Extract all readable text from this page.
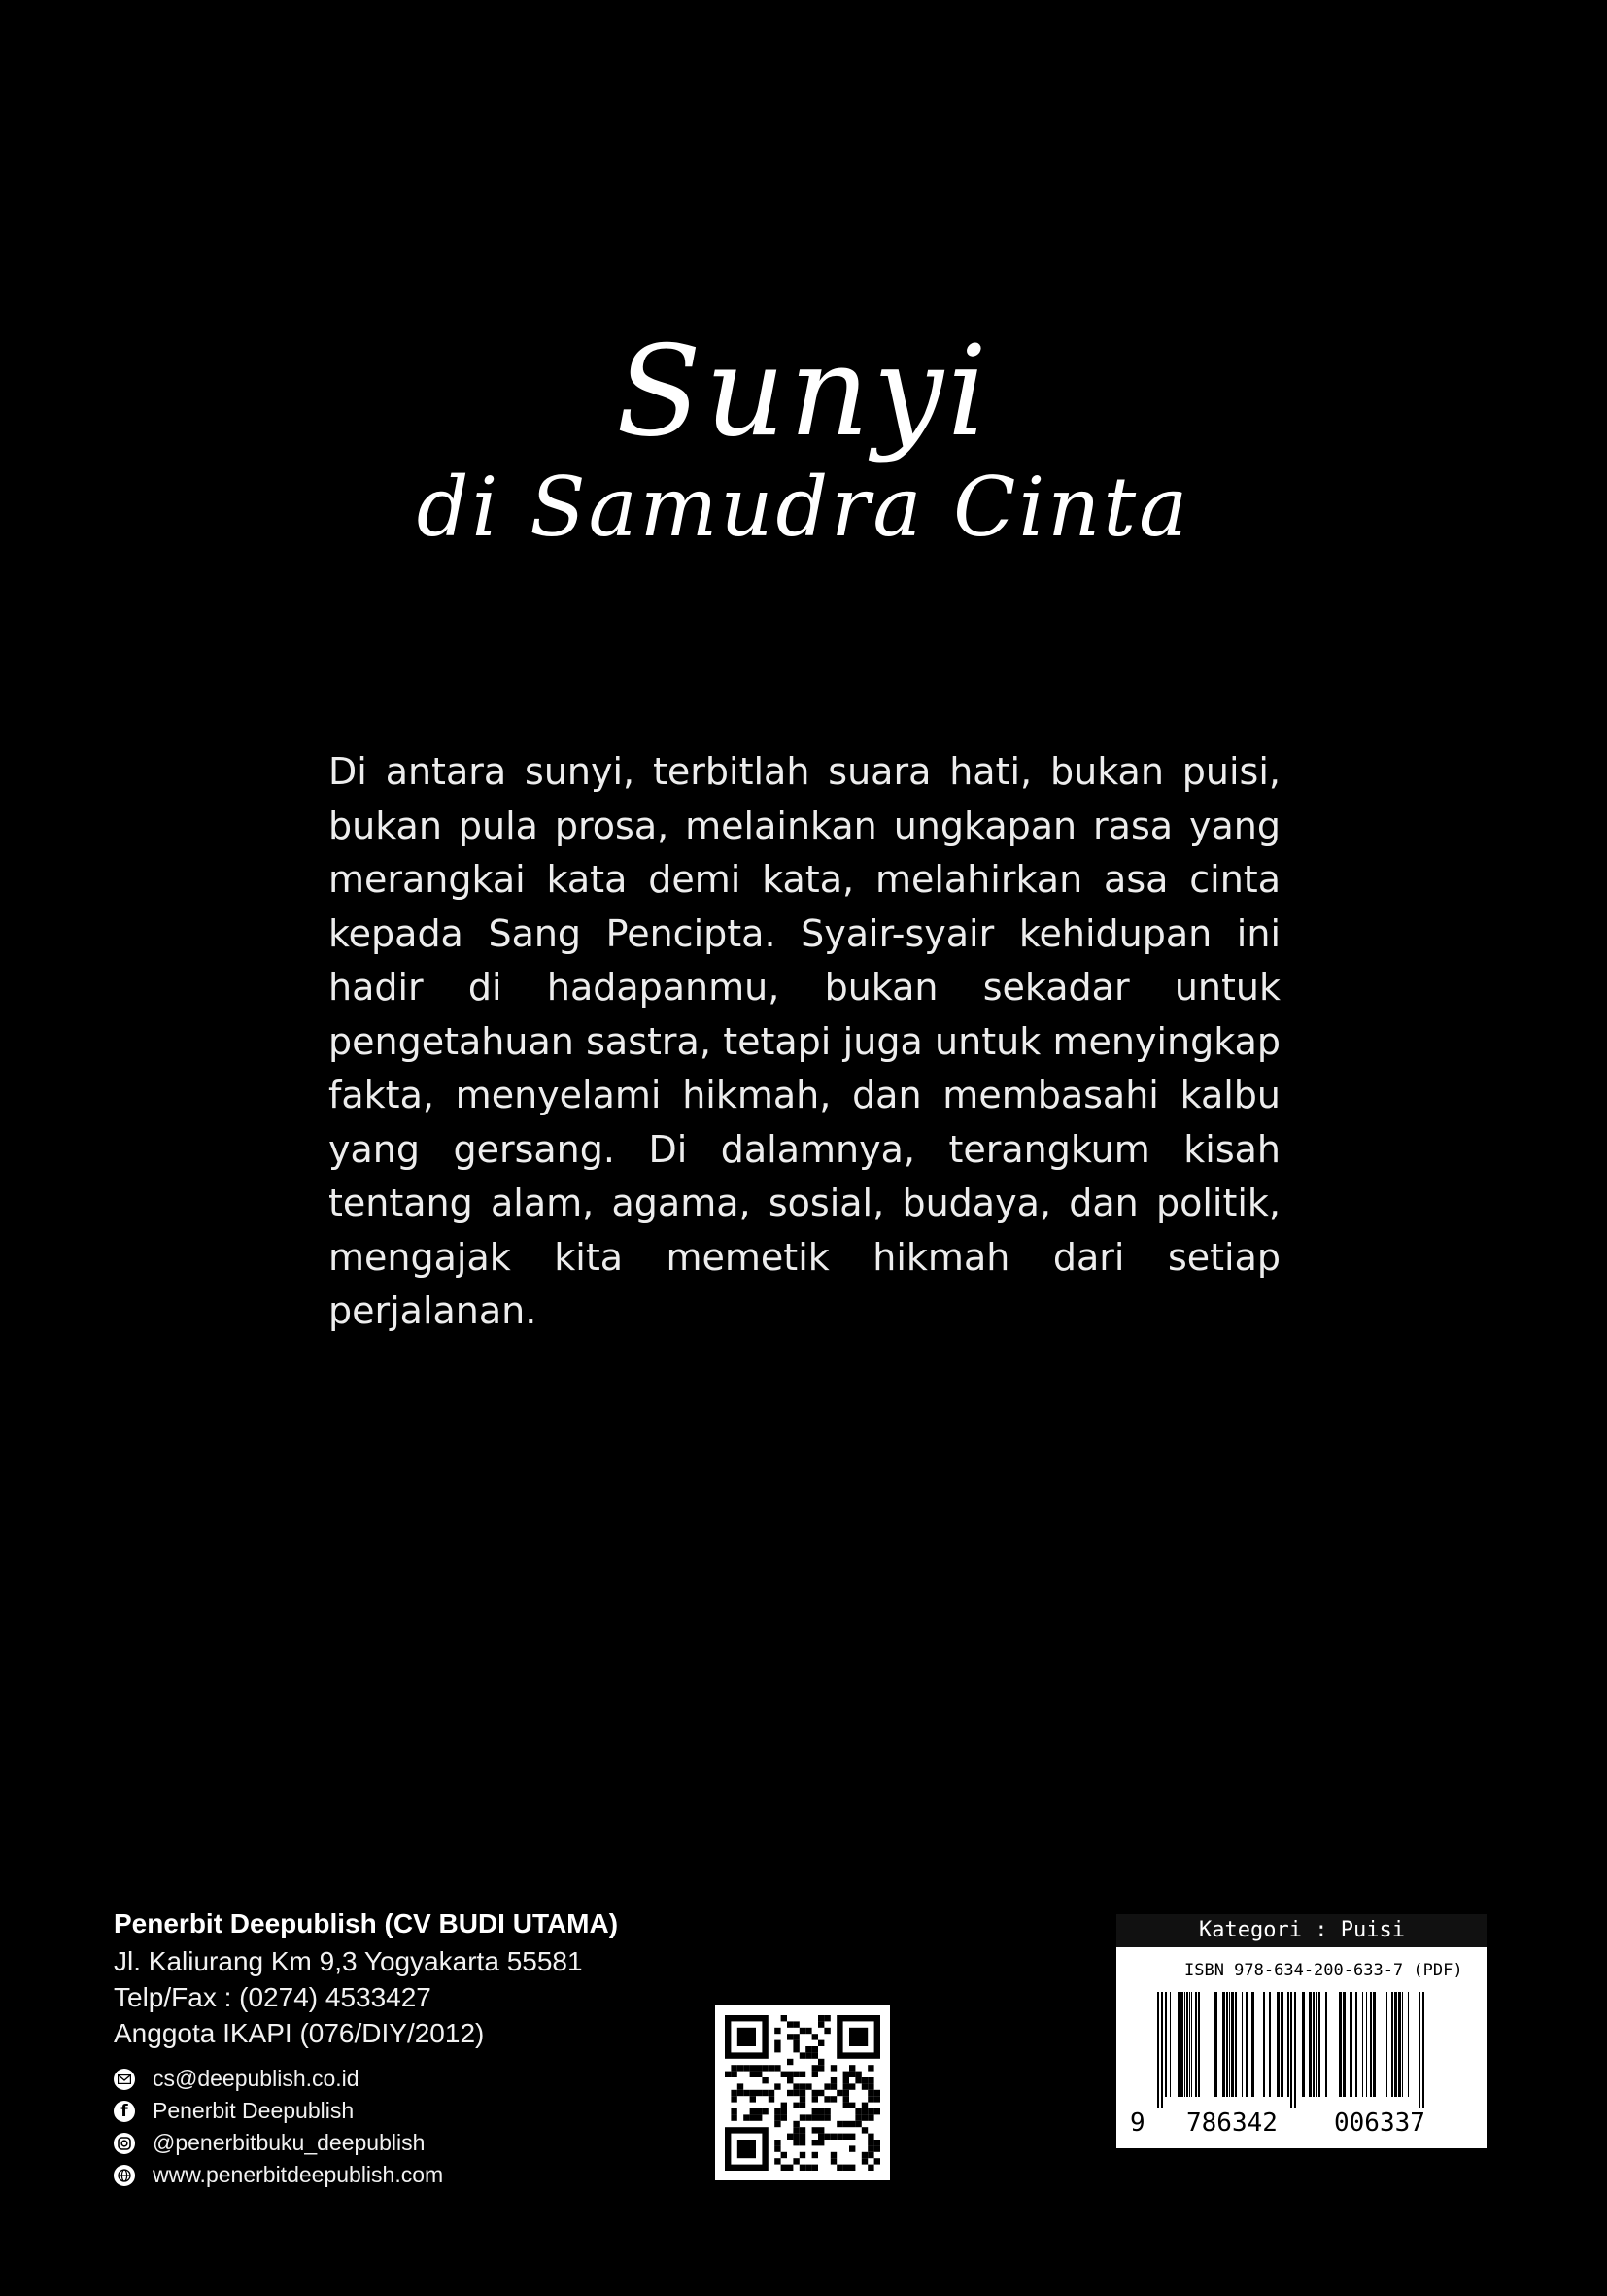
Sunyi
di Samudra Cinta
Di antara sunyi, terbitlah suara hati, bukan puisi,
bukan pula prosa, melainkan ungkapan rasa yang
merangkai kata demi kata, melahirkan asa cinta
kepada Sang Pencipta. Syair-syair kehidupan ini
hadir di hadapanmu, bukan sekadar untuk
pengetahuan sastra, tetapi juga untuk menyingkap
fakta, menyelami hikmah, dan membasahi kalbu
yang gersang. Di dalamnya, terangkum kisah
tentang alam, agama, sosial, budaya, dan politik,
mengajak kita memetik hikmah dari setiap
perjalanan.
Penerbit Deepublish (CV BUDI UTAMA)
Jl. Kaliurang Km 9,3 Yogyakarta 55581
Telp/Fax : (0274) 4533427
Anggota IKAPI (076/DIY/2012)
cs@deepublish.co.id
f	Penerbit Deepublish
@penerbitbuku_deepublish
www.penerbitdeepublish.com
Kategori : Puisi
ISBN 978-634-200-633-7 (PDF)
9 786342 006337
